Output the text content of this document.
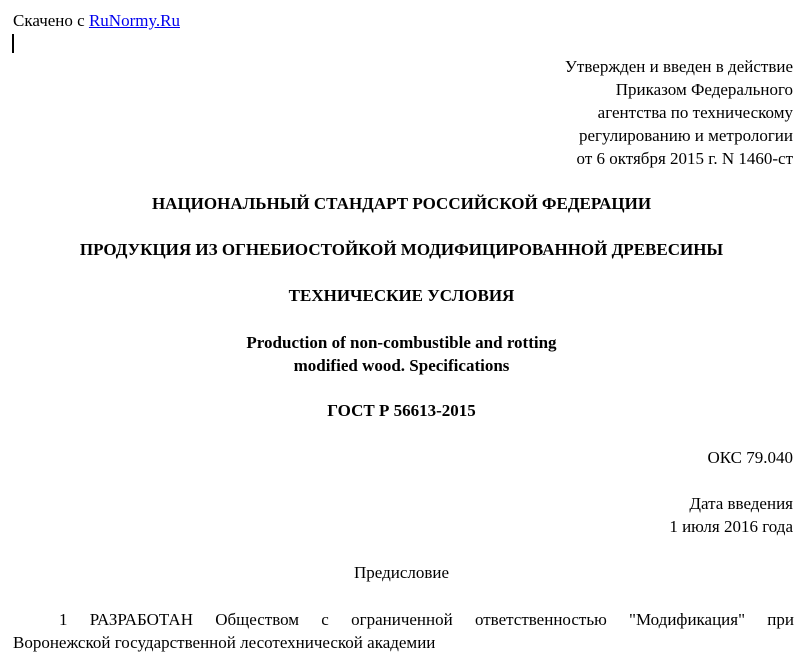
Скачено с RuNormy.Ru
Утвержден и введен в действие
Приказом Федерального
агентства по техническому
регулированию и метрологии
от 6 октября 2015 г. N 1460-ст
НАЦИОНАЛЬНЫЙ СТАНДАРТ РОССИЙСКОЙ ФЕДЕРАЦИИ
ПРОДУКЦИЯ ИЗ ОГНЕБИОСТОЙКОЙ МОДИФИЦИРОВАННОЙ ДРЕВЕСИНЫ
ТЕХНИЧЕСКИЕ УСЛОВИЯ
Production of non-combustible and rotting
modified wood. Specifications
ГОСТ Р 56613-2015
ОКС 79.040
Дата введения
1 июля 2016 года
Предисловие
1 РАЗРАБОТАН Обществом с ограниченной ответственностью "Модификация" при
Воронежской государственной лесотехнической академии
